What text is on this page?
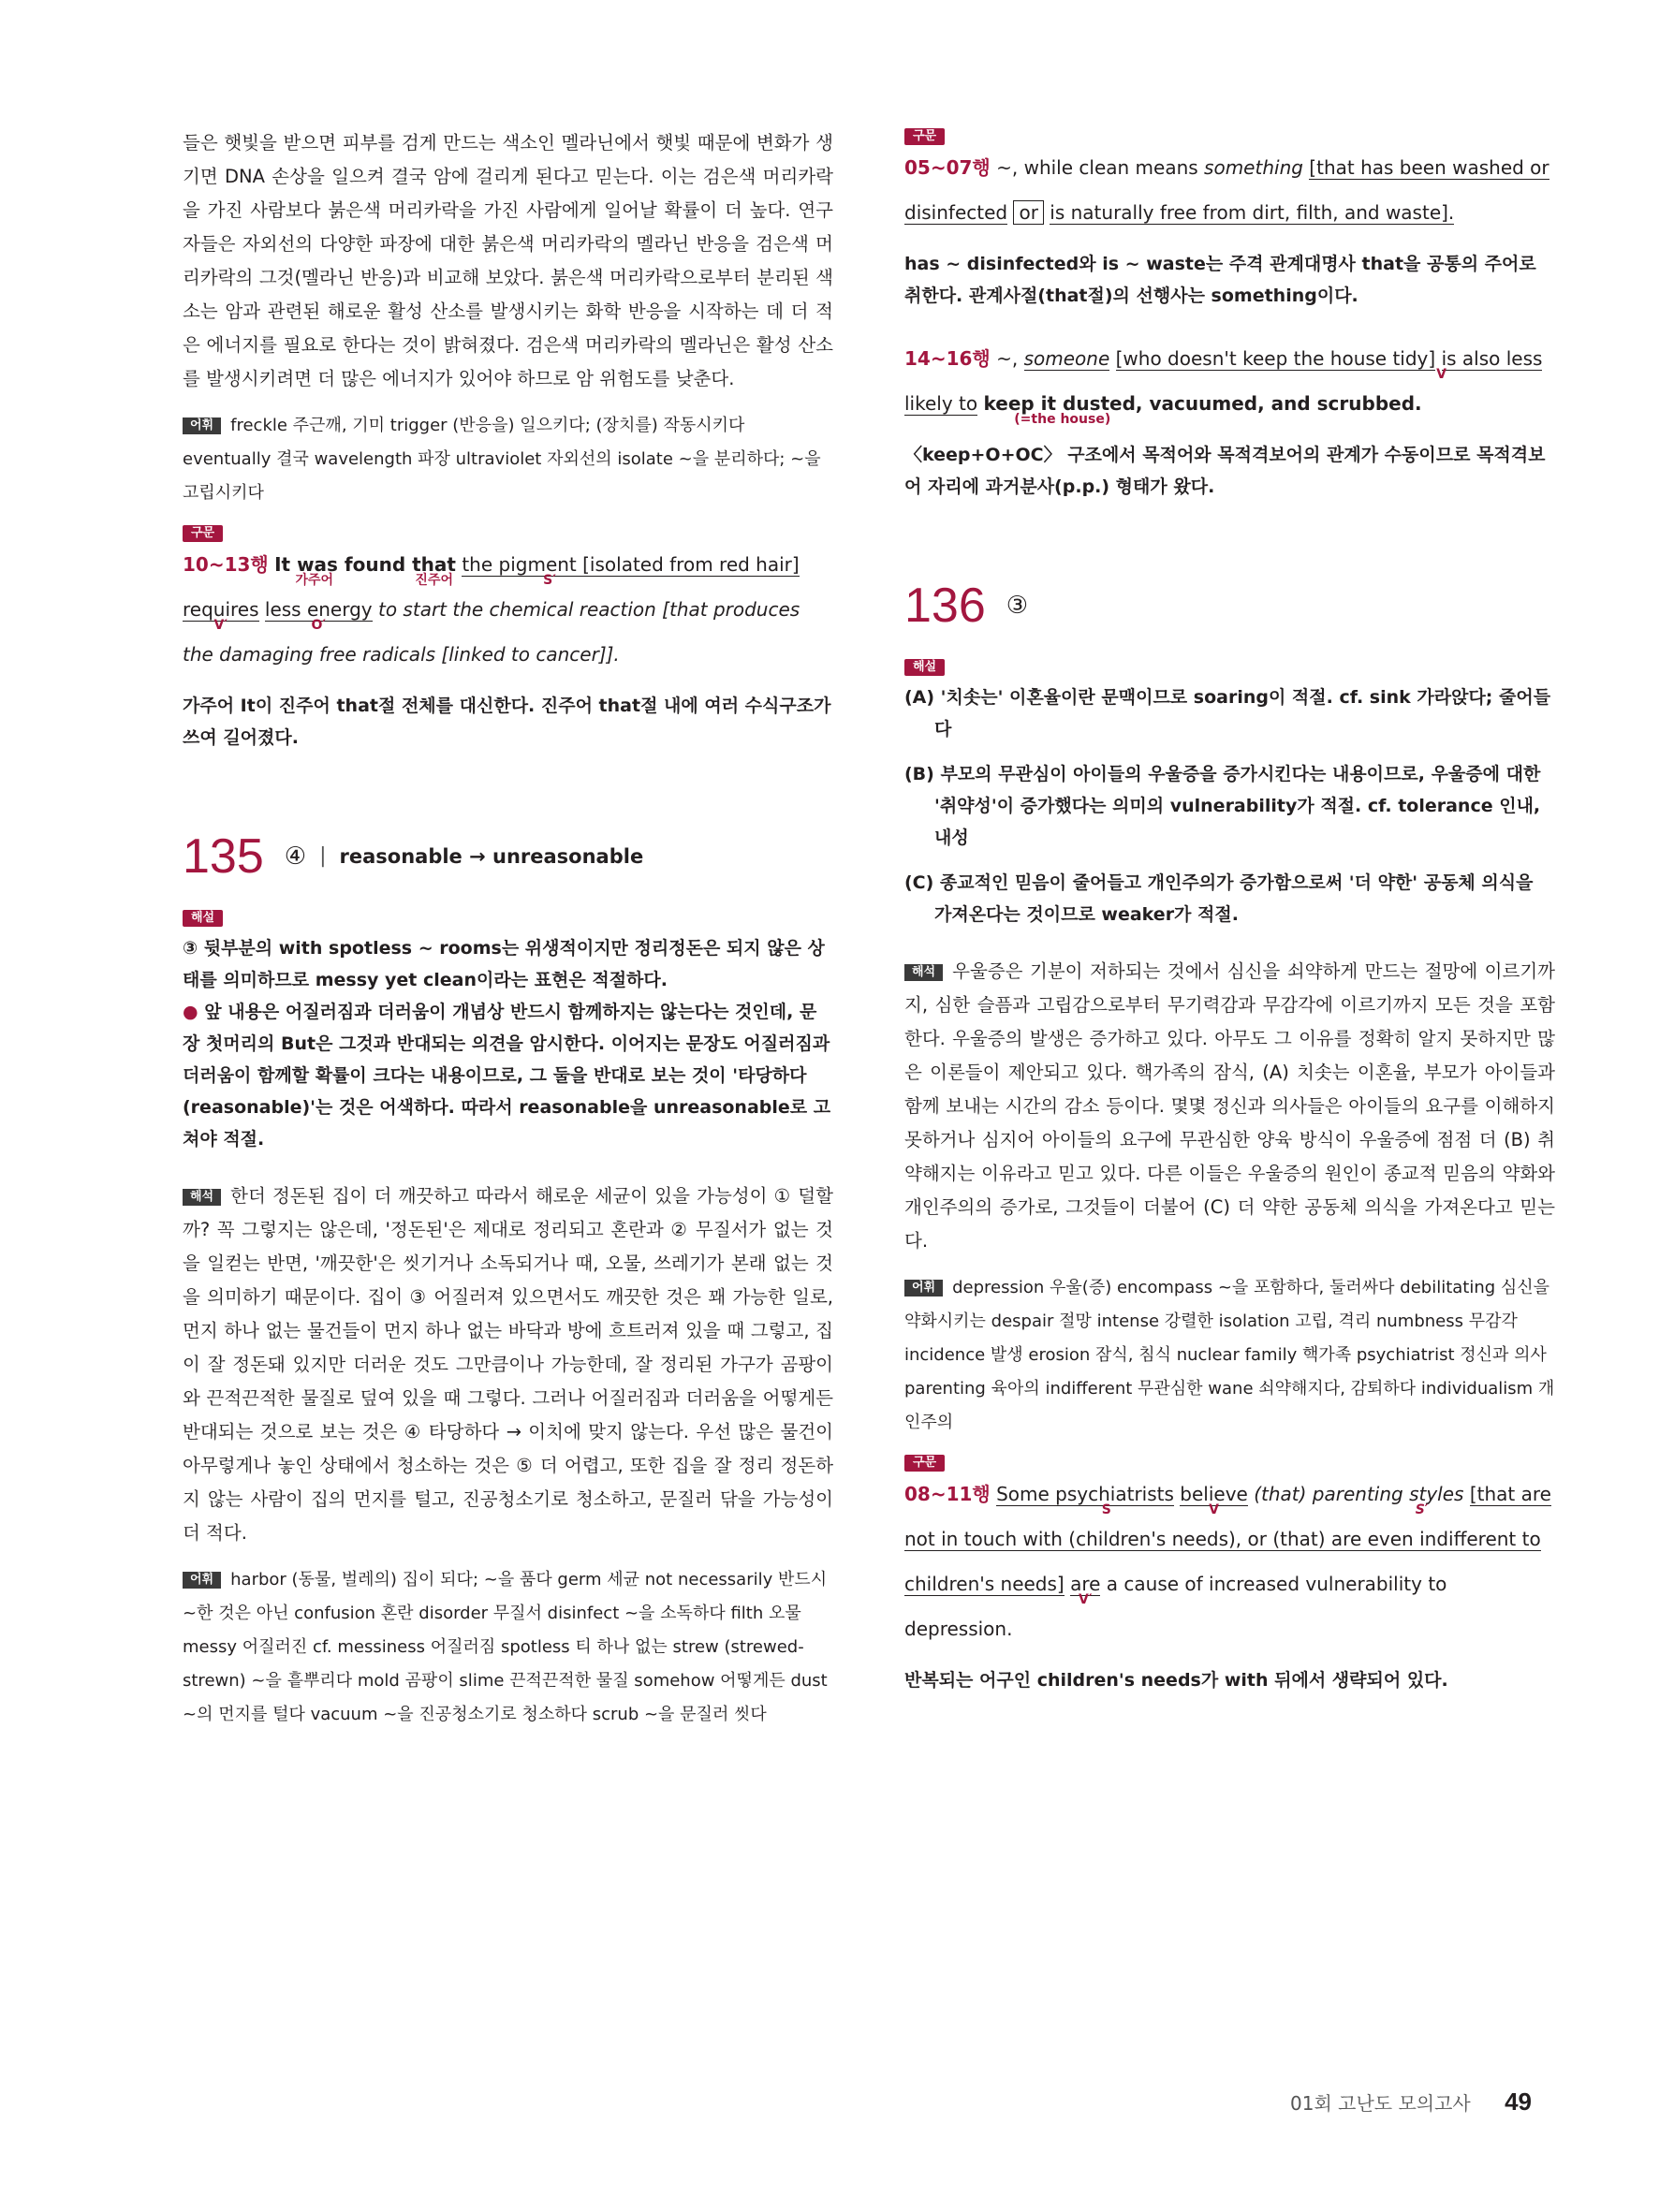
들은 햇빛을 받으면 피부를 검게 만드는 색소인 멜라닌에서 햇빛 때문에 변화가 생기면 DNA 손상을 일으켜 결국 암에 걸리게 된다고 믿는다. 이는 검은색 머리카락을 가진 사람보다 붉은색 머리카락을 가진 사람에게 일어날 확률이 더 높다. 연구자들은 자외선의 다양한 파장에 대한 붉은색 머리카락의 멜라닌 반응을 검은색 머리카락의 그것(멜라닌 반응)과 비교해 보았다. 붉은색 머리카락으로부터 분리된 색소는 암과 관련된 해로운 활성 산소를 발생시키는 화학 반응을 시작하는 데 더 적은 에너지를 필요로 한다는 것이 밝혀졌다. 검은색 머리카락의 멜라닌은 활성 산소를 발생시키려면 더 많은 에너지가 있어야 하므로 암 위험도를 낮춘다.

어휘 freckle 주근깨, 기미 trigger (반응을) 일으키다; (장치를) 작동시키다 eventually 결국 wavelength 파장 ultraviolet 자외선의 isolate ~을 분리하다; ~을 고립시키다

구문
10~13행 It was found that
가주어	진주어
the pigment [isolated from red hair]
S′
requires
V′
less energy
O′
to start the chemical reaction [that produces the damaging free radicals [linked to cancer]].

가주어 It이 진주어 that절 전체를 대신한다. 진주어 that절 내에 여러 수식구조가 쓰여 길어졌다.

135 ④ | reasonable → unreasonable
해설

③ 뒷부분의 with spotless ~ rooms는 위생적이지만 정리정돈은 되지 않은 상태를 의미하므로 messy yet clean이라는 표현은 적절하다.

● 앞 내용은 어질러짐과 더러움이 개념상 반드시 함께하지는 않는다는 것인데, 문장 첫머리의 But은 그것과 반대되는 의견을 암시한다. 이어지는 문장도 어질러짐과 더러움이 함께할 확률이 크다는 내용이므로, 그 둘을 반대로 보는 것이 '타당하다(reasonable)'는 것은 어색하다. 따라서 reasonable을 unreasonable로 고쳐야 적절.

해석 한더 정돈된 집이 더 깨끗하고 따라서 해로운 세균이 있을 가능성이 ① 덜할까? 꼭 그렇지는 않은데, '정돈된'은 제대로 정리되고 혼란과 ② 무질서가 없는 것을 일컫는 반면, '깨끗한'은 씻기거나 소독되거나 때, 오물, 쓰레기가 본래 없는 것을 의미하기 때문이다. 집이 ③ 어질러져 있으면서도 깨끗한 것은 꽤 가능한 일로, 먼지 하나 없는 물건들이 먼지 하나 없는 바닥과 방에 흐트러져 있을 때 그렇고, 집이 잘 정돈돼 있지만 더러운 것도 그만큼이나 가능한데, 잘 정리된 가구가 곰팡이와 끈적끈적한 물질로 덮여 있을 때 그렇다. 그러나 어질러짐과 더러움을 어떻게든 반대되는 것으로 보는 것은 ④ 타당하다 → 이치에 맞지 않는다. 우선 많은 물건이 아무렇게나 놓인 상태에서 청소하는 것은 ⑤ 더 어렵고, 또한 집을 잘 정리 정돈하지 않는 사람이 집의 먼지를 털고, 진공청소기로 청소하고, 문질러 닦을 가능성이 더 적다.

어휘 harbor (동물, 벌레의) 집이 되다; ~을 품다 germ 세균 not necessarily 반드시 ~한 것은 아닌 confusion 혼란 disorder 무질서 disinfect ~을 소독하다 filth 오물 messy 어질러진 cf. messiness 어질러짐 spotless 티 하나 없는 strew (strewed-strewn) ~을 흩뿌리다 mold 곰팡이 slime 끈적끈적한 물질 somehow 어떻게든 dust ~의 먼지를 털다 vacuum ~을 진공청소기로 청소하다 scrub ~을 문질러 씻다

구문
05~07행 ~, while clean means something [that has been washed or disinfected or is naturally free from dirt, filth, and waste].

has ~ disinfected와 is ~ waste는 주격 관계대명사 that을 공통의 주어로 취한다. 관계사절(that절)의 선행사는 something이다.

14~16행 ~, someone [who doesn't keep the house tidy] is also less likely to
V
keep it dusted, vacuumed, and scrubbed.
(=the house)

〈keep+O+OC〉 구조에서 목적어와 목적격보어의 관계가 수동이므로 목적격보어 자리에 과거분사(p.p.) 형태가 왔다.

136 ③
해설

(A) '치솟는' 이혼율이란 문맥이므로 soaring이 적절. cf. sink 가라앉다; 줄어들다

(B) 부모의 무관심이 아이들의 우울증을 증가시킨다는 내용이므로, 우울증에 대한 '취약성'이 증가했다는 의미의 vulnerability가 적절. cf. tolerance 인내, 내성

(C) 종교적인 믿음이 줄어들고 개인주의가 증가함으로써 '더 약한' 공동체 의식을 가져온다는 것이므로 weaker가 적절.

해석 우울증은 기분이 저하되는 것에서 심신을 쇠약하게 만드는 절망에 이르기까지, 심한 슬픔과 고립감으로부터 무기력감과 무감각에 이르기까지 모든 것을 포함한다. 우울증의 발생은 증가하고 있다. 아무도 그 이유를 정확히 알지 못하지만 많은 이론들이 제안되고 있다. 핵가족의 잠식, (A) 치솟는 이혼율, 부모가 아이들과 함께 보내는 시간의 감소 등이다. 몇몇 정신과 의사들은 아이들의 요구를 이해하지 못하거나 심지어 아이들의 요구에 무관심한 양육 방식이 우울증에 점점 더 (B) 취약해지는 이유라고 믿고 있다. 다른 이들은 우울증의 원인이 종교적 믿음의 약화와 개인주의의 증가로, 그것들이 더불어 (C) 더 약한 공동체 의식을 가져온다고 믿는다.

어휘 depression 우울(증) encompass ~을 포함하다, 둘러싸다 debilitating 심신을 약화시키는 despair 절망 intense 강렬한 isolation 고립, 격리 numbness 무감각 incidence 발생 erosion 잠식, 침식 nuclear family 핵가족 psychiatrist 정신과 의사 parenting 육아의 indifferent 무관심한 wane 쇠약해지다, 감퇴하다 individualism 개인주의

구문
08~11행 Some psychiatrists
S
believe
V
(that) parenting styles
S′
[that are not in touch with (children's needs), or (that) are even indifferent to children's needs] are
V′
a cause of increased vulnerability to depression.

반복되는 어구인 children's needs가 with 뒤에서 생략되어 있다.

01회 고난도 모의고사 49
